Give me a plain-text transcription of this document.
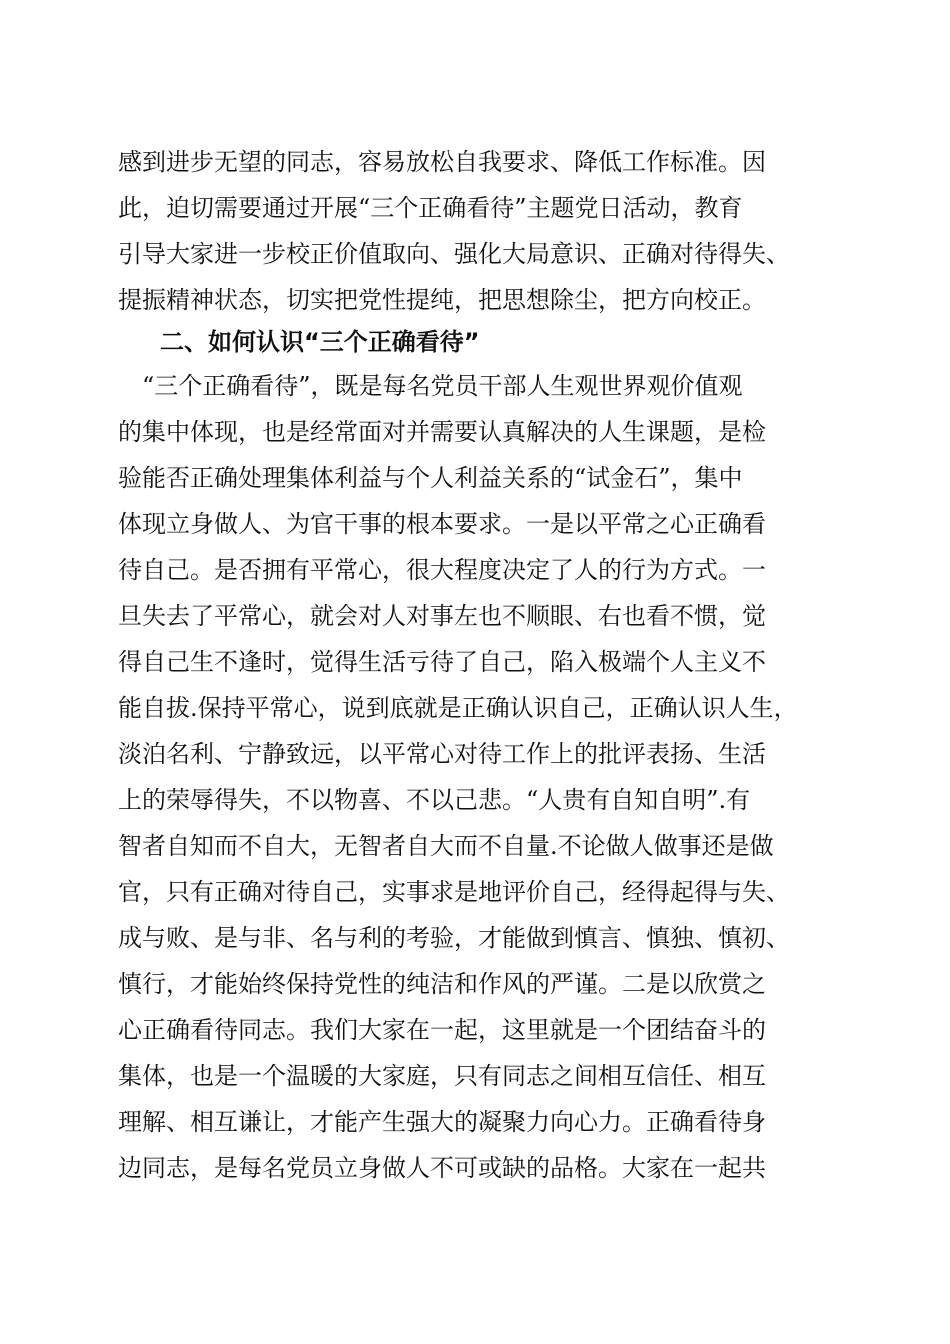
感到进步无望的同志，容易放松自我要求、降低工作标准。因
此，迫切需要通过开展“三个正确看待”主题党日活动，教育
引导大家进一步校正价值取向、强化大局意识、正确对待得失、
提振精神状态，切实把党性提纯，把思想除尘，把方向校正。
二、如何认识“三个正确看待”
“三个正确看待”，既是每名党员干部人生观世界观价值观
的集中体现，也是经常面对并需要认真解决的人生课题，是检
验能否正确处理集体利益与个人利益关系的“试金石”，集中
体现立身做人、为官干事的根本要求。一是以平常之心正确看
待自己。是否拥有平常心，很大程度决定了人的行为方式。一
旦失去了平常心，就会对人对事左也不顺眼、右也看不惯，觉
得自己生不逢时，觉得生活亏待了自己，陷入极端个人主义不
能自拔.保持平常心，说到底就是正确认识自己，正确认识人生，
淡泊名利、宁静致远，以平常心对待工作上的批评表扬、生活
上的荣辱得失，不以物喜、不以己悲。“人贵有自知自明”.有
智者自知而不自大，无智者自大而不自量.不论做人做事还是做
官，只有正确对待自己，实事求是地评价自己，经得起得与失、
成与败、是与非、名与利的考验，才能做到慎言、慎独、慎初、
慎行，才能始终保持党性的纯洁和作风的严谨。二是以欣赏之
心正确看待同志。我们大家在一起，这里就是一个团结奋斗的
集体，也是一个温暖的大家庭，只有同志之间相互信任、相互
理解、相互谦让，才能产生强大的凝聚力向心力。正确看待身
边同志，是每名党员立身做人不可或缺的品格。大家在一起共
